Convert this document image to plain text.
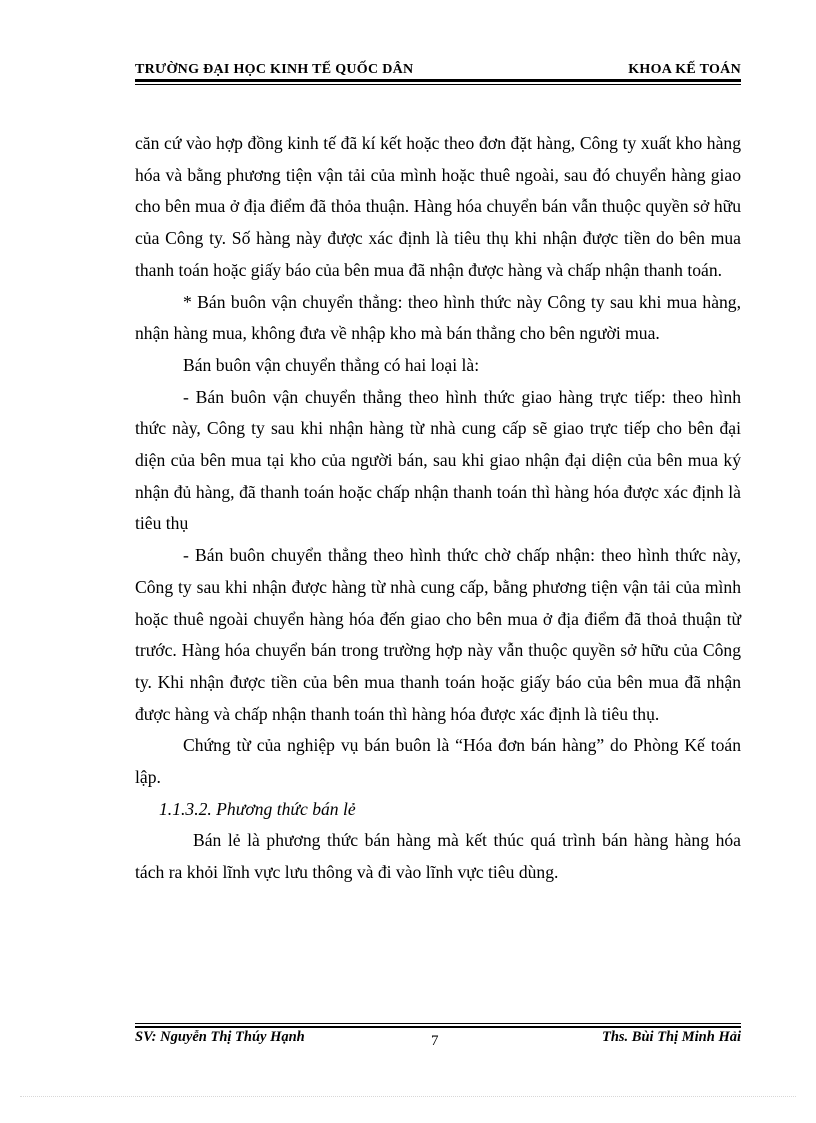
TRƯỜNG ĐẠI HỌC KINH TẾ QUỐC DÂN	KHOA KẾ TOÁN

căn cứ vào hợp đồng kinh tế đã kí kết hoặc theo đơn đặt hàng, Công ty xuất kho hàng hóa và bằng phương tiện vận tải của mình hoặc thuê ngoài, sau đó chuyển hàng giao cho bên mua ở địa điểm đã thỏa thuận. Hàng hóa chuyển bán vẫn thuộc quyền sở hữu của Công ty. Số hàng này được xác định là tiêu thụ khi nhận được tiền do bên mua thanh toán hoặc giấy báo của bên mua đã nhận được hàng và chấp nhận thanh toán.

* Bán buôn vận chuyển thẳng: theo hình thức này Công ty sau khi mua hàng, nhận hàng mua, không đưa về nhập kho mà bán thẳng cho bên người mua.

Bán buôn vận chuyển thẳng có hai loại là:

- Bán buôn vận chuyển thẳng theo hình thức giao hàng trực tiếp: theo hình thức này, Công ty sau khi nhận hàng từ nhà cung cấp sẽ giao trực tiếp cho bên đại diện của bên mua tại kho của người bán, sau khi giao nhận đại diện của bên mua ký nhận đủ hàng, đã thanh toán hoặc chấp nhận thanh toán thì hàng hóa được xác định là tiêu thụ

- Bán buôn chuyển thẳng theo hình thức chờ chấp nhận: theo hình thức này, Công ty sau khi nhận được hàng từ nhà cung cấp, bằng phương tiện vận tải của mình hoặc thuê ngoài chuyển hàng hóa đến giao cho bên mua ở địa điểm đã thoả thuận từ trước. Hàng hóa chuyển bán trong trường hợp này vẫn thuộc quyền sở hữu của Công ty. Khi nhận được tiền của bên mua thanh toán hoặc giấy báo của bên mua đã nhận được hàng và chấp nhận thanh toán thì hàng hóa được xác định là tiêu thụ.

Chứng từ của nghiệp vụ bán buôn là “Hóa đơn bán hàng” do Phòng Kế toán lập.

1.1.3.2. Phương thức bán lẻ

Bán lẻ là phương thức bán hàng mà kết thúc quá trình bán hàng hàng hóa tách ra khỏi lĩnh vực lưu thông và đi vào lĩnh vực tiêu dùng.

SV: Nguyễn Thị Thúy Hạnh	7	Ths. Bùi Thị Minh Hải
